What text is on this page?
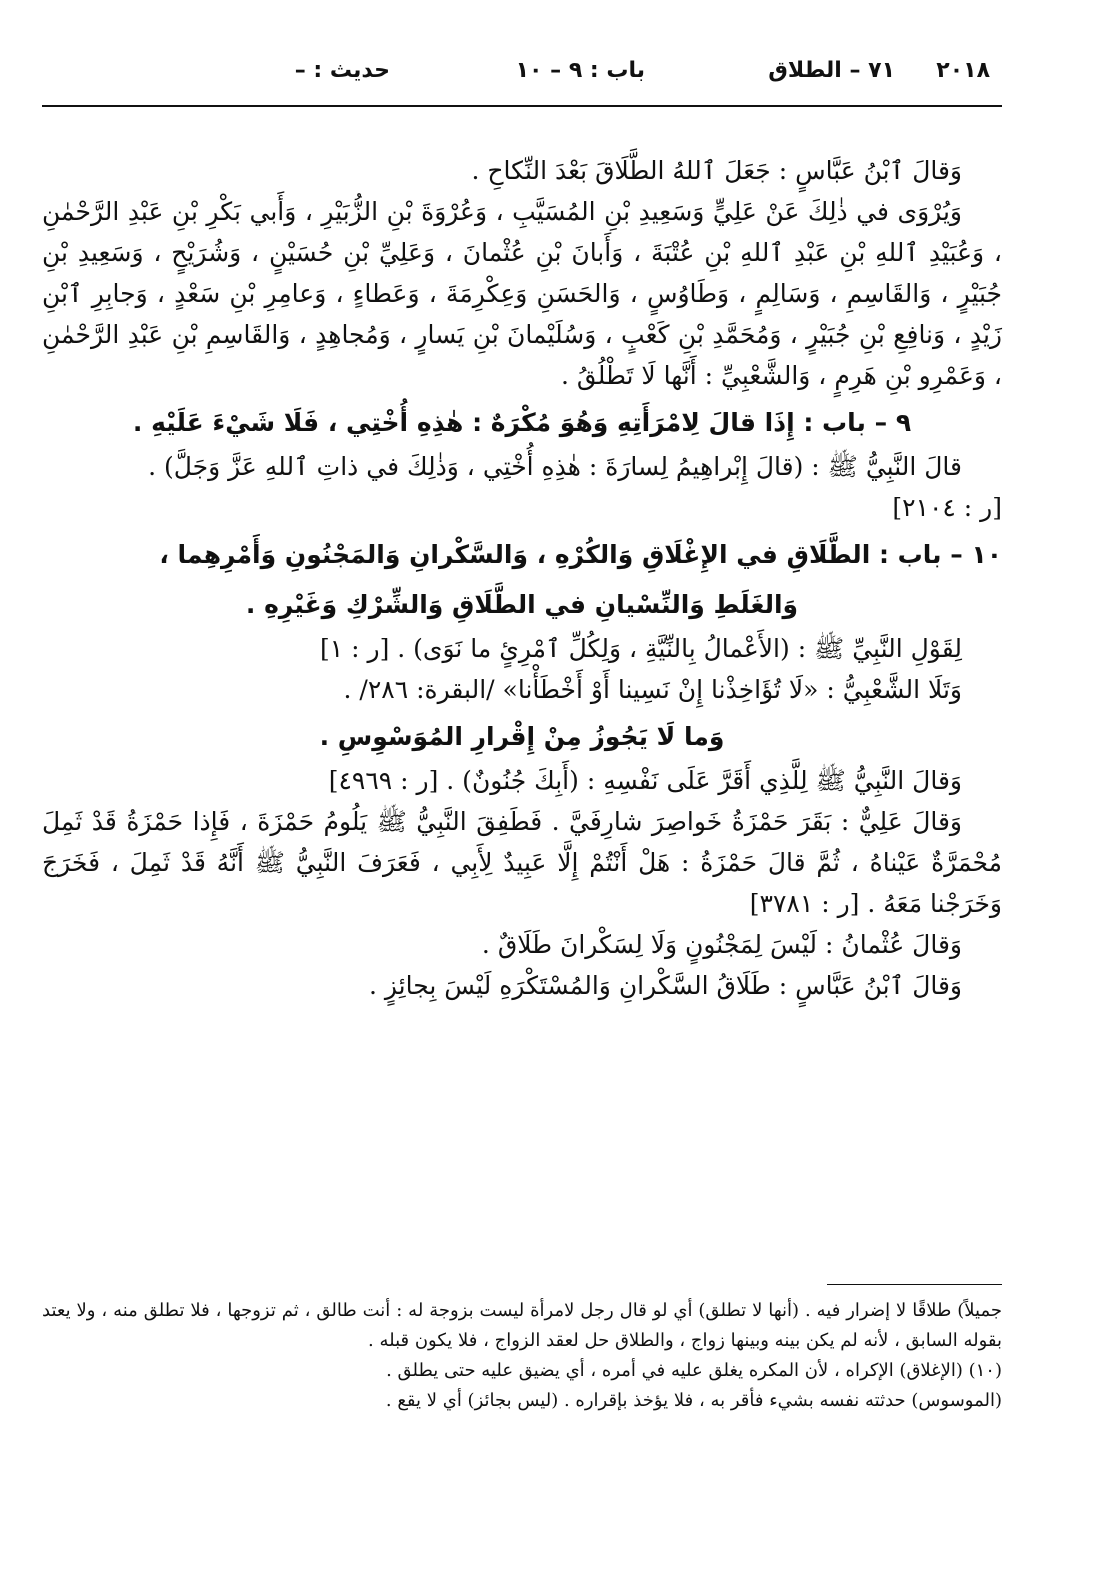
٢٠١٨
٧١ – الطلاق
باب : ٩ – ١٠
حديث : –

وَقالَ ٱبْنُ عَبَّاسٍ : جَعَلَ ٱللهُ الطَّلَاقَ بَعْدَ النِّكاحِ .

وَيُرْوَى في ذٰلِكَ عَنْ عَلِيٍّ وَسَعِيدِ بْنِ المُسَيَّبِ ، وَعُرْوَةَ بْنِ الزُّبَيْرِ ، وَأَبي بَكْرِ بْنِ عَبْدِ الرَّحْمٰنِ ، وَعُبَيْدِ ٱللهِ بْنِ عَبْدِ ٱللهِ بْنِ عُتْبَةَ ، وَأَبانَ بْنِ عُثْمانَ ، وَعَلِيِّ بْنِ حُسَيْنٍ ، وَشُرَيْحٍ ، وَسَعِيدِ بْنِ جُبَيْرٍ ، وَالقَاسِمِ ، وَسَالِمٍ ، وَطَاوُسٍ ، وَالحَسَنِ وَعِكْرِمَةَ ، وَعَطاءٍ ، وَعامِرِ بْنِ سَعْدٍ ، وَجابِرِ ٱبْنِ زَيْدٍ ، وَنافِعِ بْنِ جُبَيْرٍ ، وَمُحَمَّدِ بْنِ كَعْبٍ ، وَسُلَيْمانَ بْنِ يَسارٍ ، وَمُجاهِدٍ ، وَالقَاسِمِ بْنِ عَبْدِ الرَّحْمٰنِ ، وَعَمْرِو بْنِ هَرِمٍ ، وَالشَّعْبِيِّ : أَنَّها لَا تَطْلُقُ .

٩ – باب : إِذَا قالَ لِامْرَأَتِهِ وَهُوَ مُكْرَهٌ : هٰذِهِ أُخْتِي ، فَلَا شَيْءَ عَلَيْهِ .

قالَ النَّبِيُّ ﷺ : (قالَ إِبْراهِيمُ لِسارَةَ : هٰذِهِ أُخْتِي ، وَذٰلِكَ في ذاتِ ٱللهِ عَزَّ وَجَلَّ) .

[ر : ٢١٠٤]

١٠ – باب : الطَّلَاقِ في الإِغْلَاقِ وَالكُرْهِ ، وَالسَّكْرانِ وَالمَجْنُونِ وَأَمْرِهِما ،

وَالغَلَطِ وَالنِّسْيانِ في الطَّلَاقِ وَالشِّرْكِ وَغَيْرِهِ .

لِقَوْلِ النَّبِيِّ ﷺ : (الأَعْمالُ بِالنِّيَّةِ ، وَلِكُلِّ ٱمْرِئٍ ما نَوَى) . [ر : ١]

وَتَلَا الشَّعْبِيُّ : «لَا تُؤَاخِذْنا إِنْ نَسِينا أَوْ أَخْطَأْنا» /البقرة: ٢٨٦/ .

وَما لَا يَجُوزُ مِنْ إِقْرارِ المُوَسْوِسِ .

وَقالَ النَّبِيُّ ﷺ لِلَّذِي أَقَرَّ عَلَى نَفْسِهِ : (أَبِكَ جُنُونٌ) . [ر : ٤٩٦٩]

وَقالَ عَلِيٌّ : بَقَرَ حَمْزَةُ خَواصِرَ شارِفَيَّ . فَطَفِقَ النَّبِيُّ ﷺ يَلُومُ حَمْزَةَ ، فَإِذا حَمْزَةُ قَدْ ثَمِلَ مُحْمَرَّةٌ عَيْناهُ ، ثُمَّ قالَ حَمْزَةُ : هَلْ أَنْتُمْ إِلَّا عَبِيدٌ لِأَبِي ، فَعَرَفَ النَّبِيُّ ﷺ أَنَّهُ قَدْ ثَمِلَ ، فَخَرَجَ وَخَرَجْنا مَعَهُ . [ر : ٣٧٨١]

وَقالَ عُثْمانُ : لَيْسَ لِمَجْنُونٍ وَلَا لِسَكْرانَ طَلَاقٌ .

وَقالَ ٱبْنُ عَبَّاسٍ : طَلَاقُ السَّكْرانِ وَالمُسْتَكْرَهِ لَيْسَ بِجائِزٍ .

جميلاً) طلاقًا لا إضرار فيه . (أنها لا تطلق) أي لو قال رجل لامرأة ليست بزوجة له : أنت طالق ، ثم تزوجها ، فلا تطلق منه ، ولا يعتد بقوله السابق ، لأنه لم يكن بينه وبينها زواج ، والطلاق حل لعقد الزواج ، فلا يكون قبله .

(١٠) (الإغلاق) الإكراه ، لأن المكره يغلق عليه في أمره ، أي يضيق عليه حتى يطلق .

(الموسوس) حدثته نفسه بشيء فأقر به ، فلا يؤخذ بإقراره . (ليس بجائز) أي لا يقع .
